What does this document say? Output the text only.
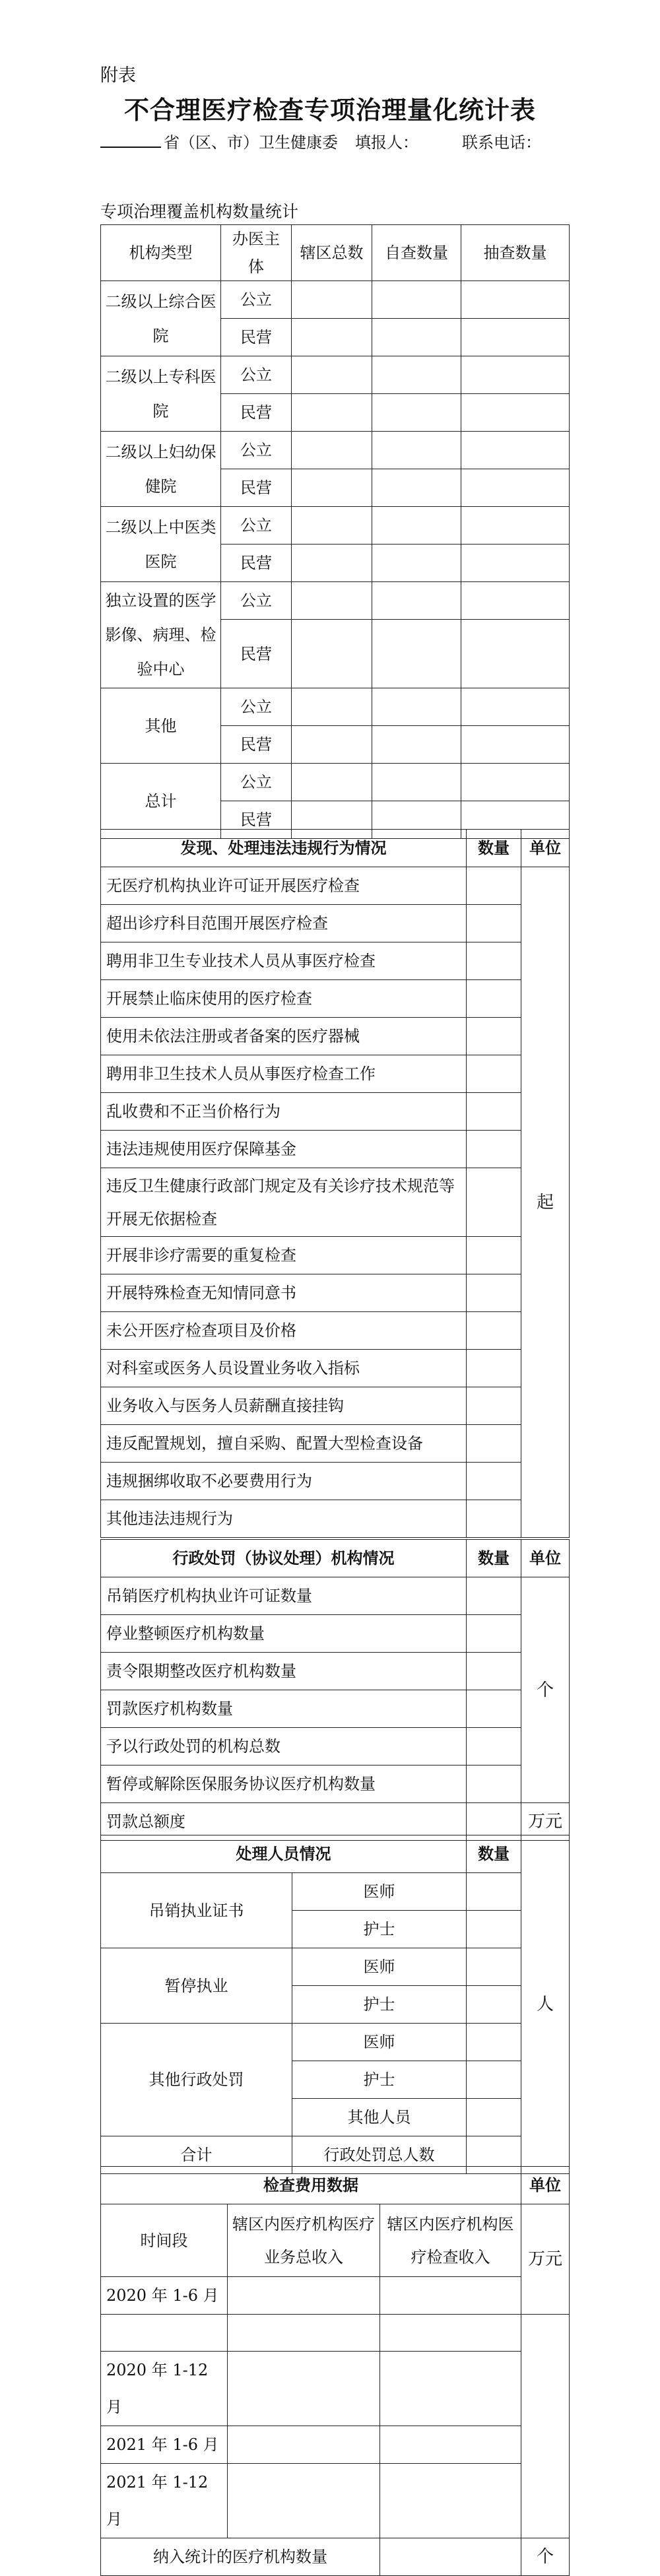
附表
不合理医疗检查专项治理量化统计表
省（区、市）卫生健康委 填报人：	联系电话：
专项治理覆盖机构数量统计
机构类型	办医主体	辖区总数	自查数量	抽查数量
二级以上综合医院	公立			
	民营			
二级以上专科医院	公立			
	民营			
二级以上妇幼保健院	公立			
	民营			
二级以上中医类医院	公立			
	民营			
独立设置的医学影像、病理、检验中心	公立			
	民营			
其他	公立			
	民营			
总计	公立			
	民营			
发现、处理违法违规行为情况	数量	单位
无医疗机构执业许可证开展医疗检查		起
超出诊疗科目范围开展医疗检查		
聘用非卫生专业技术人员从事医疗检查		
开展禁止临床使用的医疗检查		
使用未依法注册或者备案的医疗器械		
聘用非卫生技术人员从事医疗检查工作		
乱收费和不正当价格行为		
违法违规使用医疗保障基金		
违反卫生健康行政部门规定及有关诊疗技术规范等开展无依据检查		
开展非诊疗需要的重复检查		
开展特殊检查无知情同意书		
未公开医疗检查项目及价格		
对科室或医务人员设置业务收入指标		
业务收入与医务人员薪酬直接挂钩		
违反配置规划，擅自采购、配置大型检查设备		
违规捆绑收取不必要费用行为		
其他违法违规行为		
行政处罚（协议处理）机构情况	数量	单位
吊销医疗机构执业许可证数量		个
停业整顿医疗机构数量		
责令限期整改医疗机构数量		
罚款医疗机构数量		
予以行政处罚的机构总数		
暂停或解除医保服务协议医疗机构数量		
罚款总额度		万元
处理人员情况		数量	人
吊销执业证书	医师		
	护士		
暂停执业	医师		
	护士		
其他行政处罚	医师		
	护士		
	其他人员		
合计	行政处罚总人数		
检查费用数据			单位
时间段	辖区内医疗机构医疗业务总收入	辖区内医疗机构医疗检查收入	万元
2020 年 1-6 月			

2020 年 1-12 月			
2021 年 1-6 月			
2021 年 1-12 月			
纳入统计的医疗机构数量			个
